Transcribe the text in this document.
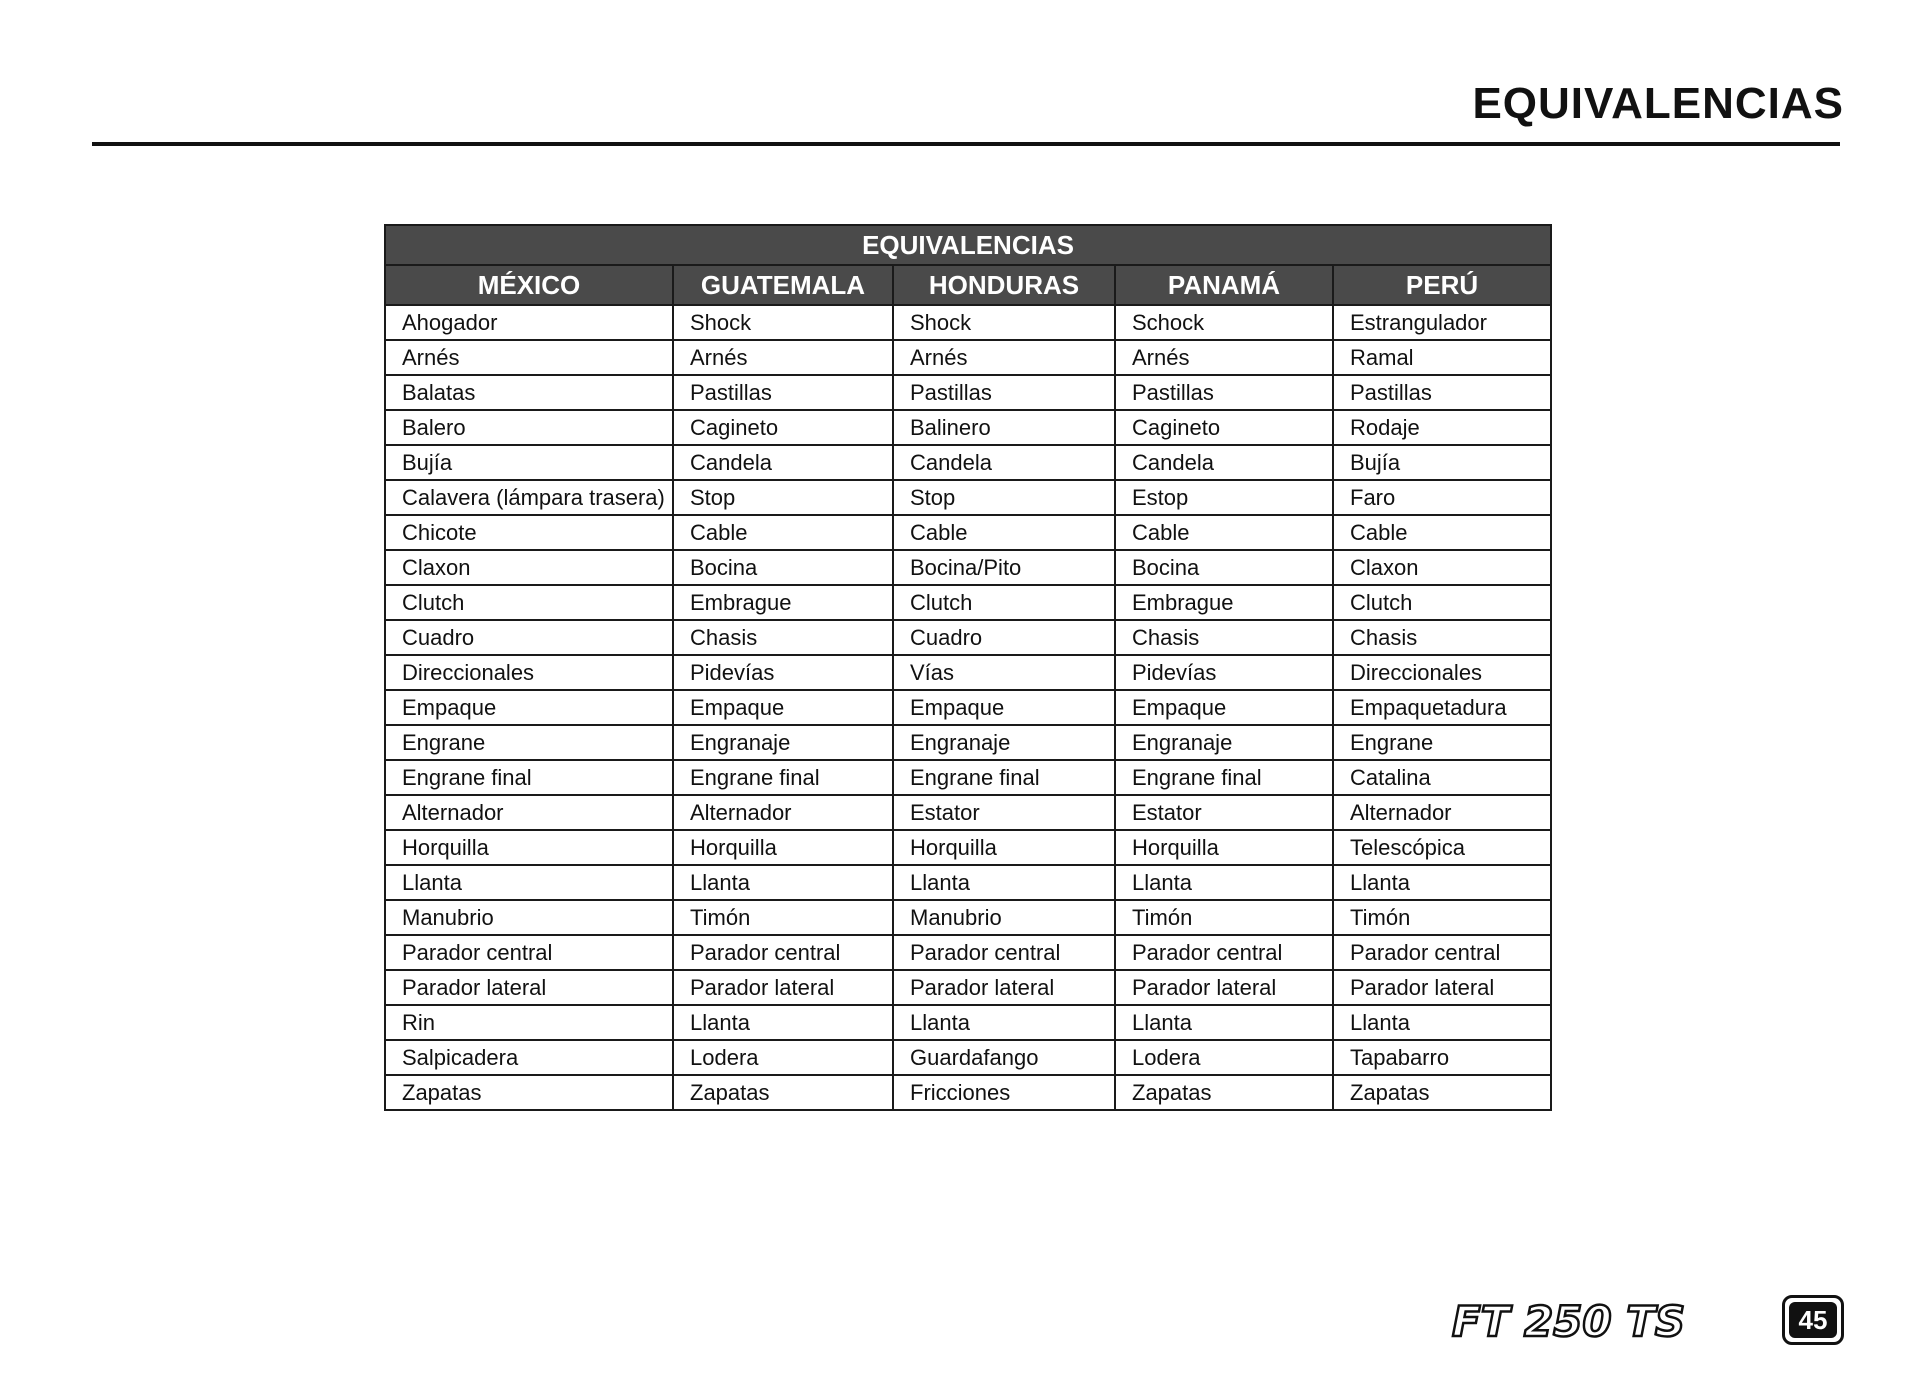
EQUIVALENCIAS
EQUIVALENCIAS				
MÉXICO	GUATEMALA	HONDURAS	PANAMÁ	PERÚ
Ahogador	Shock	Shock	Schock	Estrangulador
Arnés	Arnés	Arnés	Arnés	Ramal
Balatas	Pastillas	Pastillas	Pastillas	Pastillas
Balero	Cagineto	Balinero	Cagineto	Rodaje
Bujía	Candela	Candela	Candela	Bujía
Calavera (lámpara trasera)	Stop	Stop	Estop	Faro
Chicote	Cable	Cable	Cable	Cable
Claxon	Bocina	Bocina/Pito	Bocina	Claxon
Clutch	Embrague	Clutch	Embrague	Clutch
Cuadro	Chasis	Cuadro	Chasis	Chasis
Direccionales	Pidevías	Vías	Pidevías	Direccionales
Empaque	Empaque	Empaque	Empaque	Empaquetadura
Engrane	Engranaje	Engranaje	Engranaje	Engrane
Engrane final	Engrane final	Engrane final	Engrane final	Catalina
Alternador	Alternador	Estator	Estator	Alternador
Horquilla	Horquilla	Horquilla	Horquilla	Telescópica
Llanta	Llanta	Llanta	Llanta	Llanta
Manubrio	Timón	Manubrio	Timón	Timón
Parador central	Parador central	Parador central	Parador central	Parador central
Parador lateral	Parador lateral	Parador lateral	Parador lateral	Parador lateral
Rin	Llanta	Llanta	Llanta	Llanta
Salpicadera	Lodera	Guardafango	Lodera	Tapabarro
Zapatas	Zapatas	Fricciones	Zapatas	Zapatas
FT 250 TS	45
